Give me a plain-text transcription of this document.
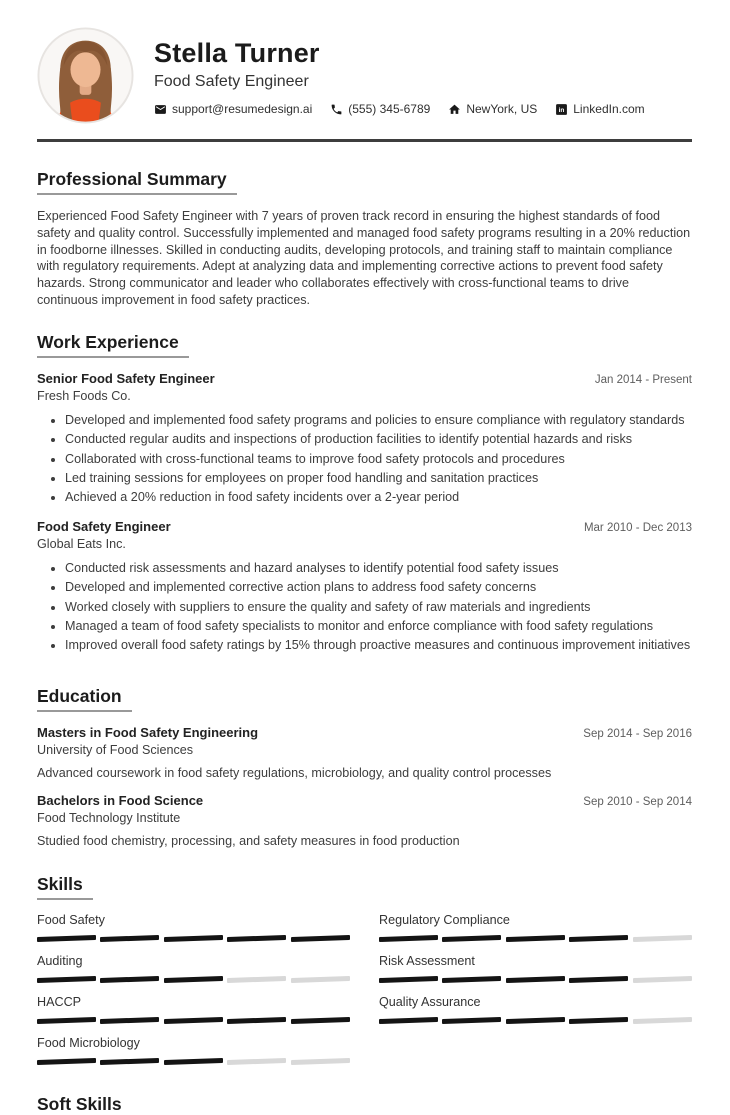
Stella Turner
Food Safety Engineer
support@resumedesign.ai	(555) 345-6789	NewYork, US in LinkedIn.com
Professional Summary
Experienced Food Safety Engineer with 7 years of proven track record in ensuring the highest standards of food safety and quality control. Successfully implemented and managed food safety programs resulting in a 20% reduction in foodborne illnesses. Skilled in conducting audits, developing protocols, and training staff to maintain compliance with regulatory requirements. Adept at analyzing data and implementing corrective actions to prevent food safety hazards. Strong communicator and leader who collaborates effectively with cross-functional teams to drive continuous improvement in food safety practices.
Work Experience
Senior Food Safety Engineer	Jan 2014 - Present
Fresh Foods Co.
• Developed and implemented food safety programs and policies to ensure compliance with regulatory standards
• Conducted regular audits and inspections of production facilities to identify potential hazards and risks
• Collaborated with cross-functional teams to improve food safety protocols and procedures
• Led training sessions for employees on proper food handling and sanitation practices
• Achieved a 20% reduction in food safety incidents over a 2-year period
Food Safety Engineer	Mar 2010 - Dec 2013
Global Eats Inc.
• Conducted risk assessments and hazard analyses to identify potential food safety issues
• Developed and implemented corrective action plans to address food safety concerns
• Worked closely with suppliers to ensure the quality and safety of raw materials and ingredients
• Managed a team of food safety specialists to monitor and enforce compliance with food safety regulations
• Improved overall food safety ratings by 15% through proactive measures and continuous improvement initiatives
Education
Masters in Food Safety Engineering	Sep 2014 - Sep 2016
University of Food Sciences
Advanced coursework in food safety regulations, microbiology, and quality control processes
Bachelors in Food Science	Sep 2010 - Sep 2014
Food Technology Institute
Studied food chemistry, processing, and safety measures in food production
Skills
Food Safety	Regulatory Compliance
Auditing	Risk Assessment
HACCP	Quality Assurance
Food Microbiology
Soft Skills
